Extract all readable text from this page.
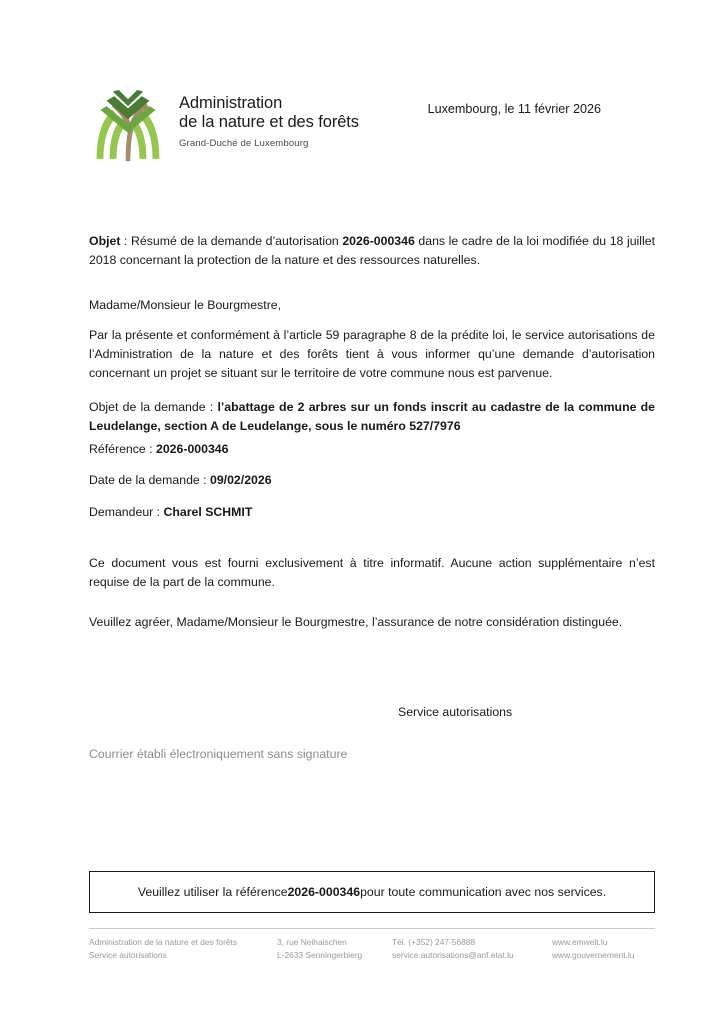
Administration
de la nature et des forêts
Grand-Duché de Luxembourg
Luxembourg, le 11 février 2026
Objet : Résumé de la demande d’autorisation 2026-000346 dans le cadre de la loi modifiée du 18 juillet 2018 concernant la protection de la nature et des ressources naturelles.
Madame/Monsieur le Bourgmestre,
Par la présente et conformément à l’article 59 paragraphe 8 de la prédite loi, le service autorisations de l’Administration de la nature et des forêts tient à vous informer qu’une demande d’autorisation concernant un projet se situant sur le territoire de votre commune nous est parvenue.
Objet de la demande : l’abattage de 2 arbres sur un fonds inscrit au cadastre de la commune de Leudelange, section A de Leudelange, sous le numéro 527/7976
Référence : 2026-000346
Date de la demande : 09/02/2026
Demandeur : Charel SCHMIT
Ce document vous est fourni exclusivement à titre informatif. Aucune action supplémentaire n’est requise de la part de la commune.
Veuillez agréer, Madame/Monsieur le Bourgmestre, l’assurance de notre considération distinguée.
Service autorisations
Courrier établi électroniquement sans signature
Veuillez utiliser la référence 2026-000346 pour toute communication avec nos services.
Administration de la nature et des forêts
Service autorisations
3, rue Neihaischen
L-2633 Senningerbierg
Tél. (+352) 247-56888
service.autorisations@anf.etat.lu
www.emwelt.lu
www.gouvernement.lu
